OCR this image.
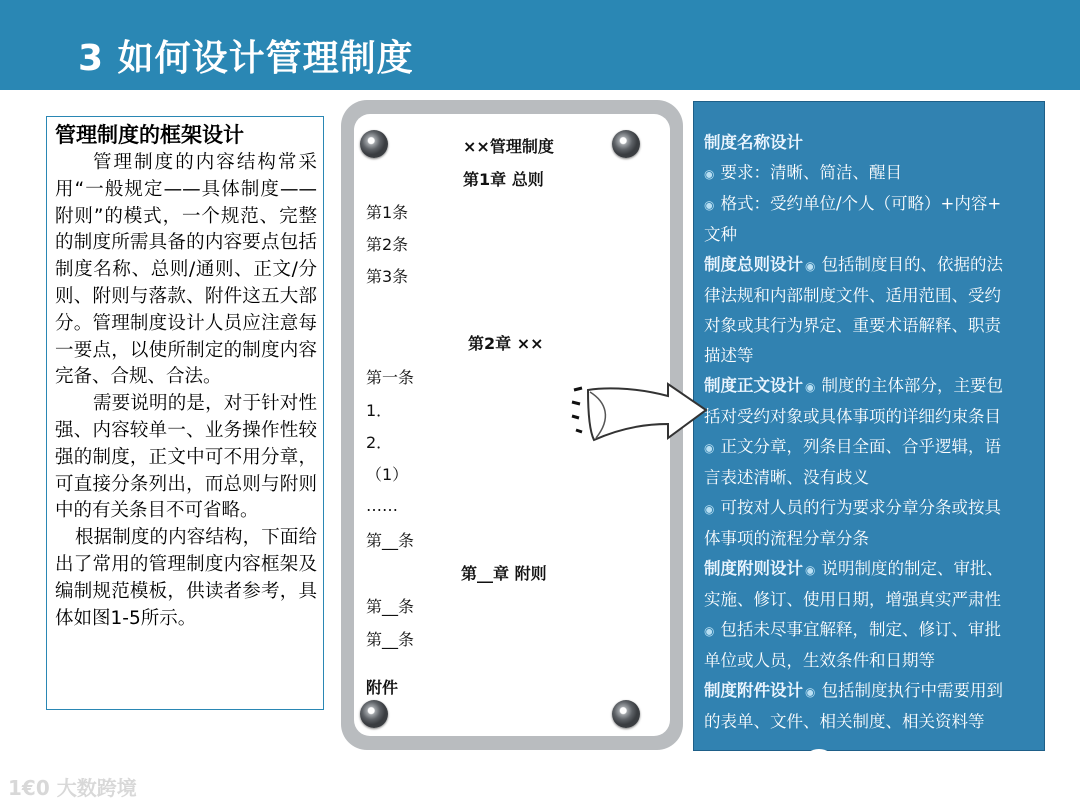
3 如何设计管理制度

管理制度的框架设计

管理制度的内容结构常采用“一般规定——具体制度——附则”的模式，一个规范、完整的制度所需具备的内容要点包括制度名称、总则/通则、正文/分则、附则与落款、附件这五大部分。管理制度设计人员应注意每一要点，以使所制定的制度内容完备、合规、合法。

需要说明的是，对于针对性强、内容较单一、业务操作性较强的制度，正文中可不用分章，可直接分条列出，而总则与附则中的有关条目不可省略。

根据制度的内容结构，下面给出了常用的管理制度内容框架及编制规范模板，供读者参考，具体如图1-5所示。

××管理制度
第1章 总则
第1条
第2条
第3条
第2章 ××
第一条
1．
2．
（1）
……
第__条
第__章 附则
第__条
第__条
附件
制度名称设计
◉ 要求：清晰、简洁、醒目
◉ 格式：受约单位/个人（可略）+内容+
文种
制度总则设计 ◉ 包括制度目的、依据的法
律法规和内部制度文件、适用范围、受约
对象或其行为界定、重要术语解释、职责
描述等
制度正文设计 ◉ 制度的主体部分，主要包
括对受约对象或具体事项的详细约束条目
◉ 正文分章，列条目全面、合乎逻辑，语
言表述清晰、没有歧义
◉ 可按对人员的行为要求分章分条或按具
体事项的流程分章分条
制度附则设计 ◉ 说明制度的制定、审批、
实施、修订、使用日期，增强真实严肃性
◉ 包括未尽事宜解释，制定、修订、审批
单位或人员，生效条件和日期等
制度附件设计 ◉ 包括制度执行中需要用到
的表单、文件、相关制度、相关资料等
领导者管理笔记
1€0 大数跨境
